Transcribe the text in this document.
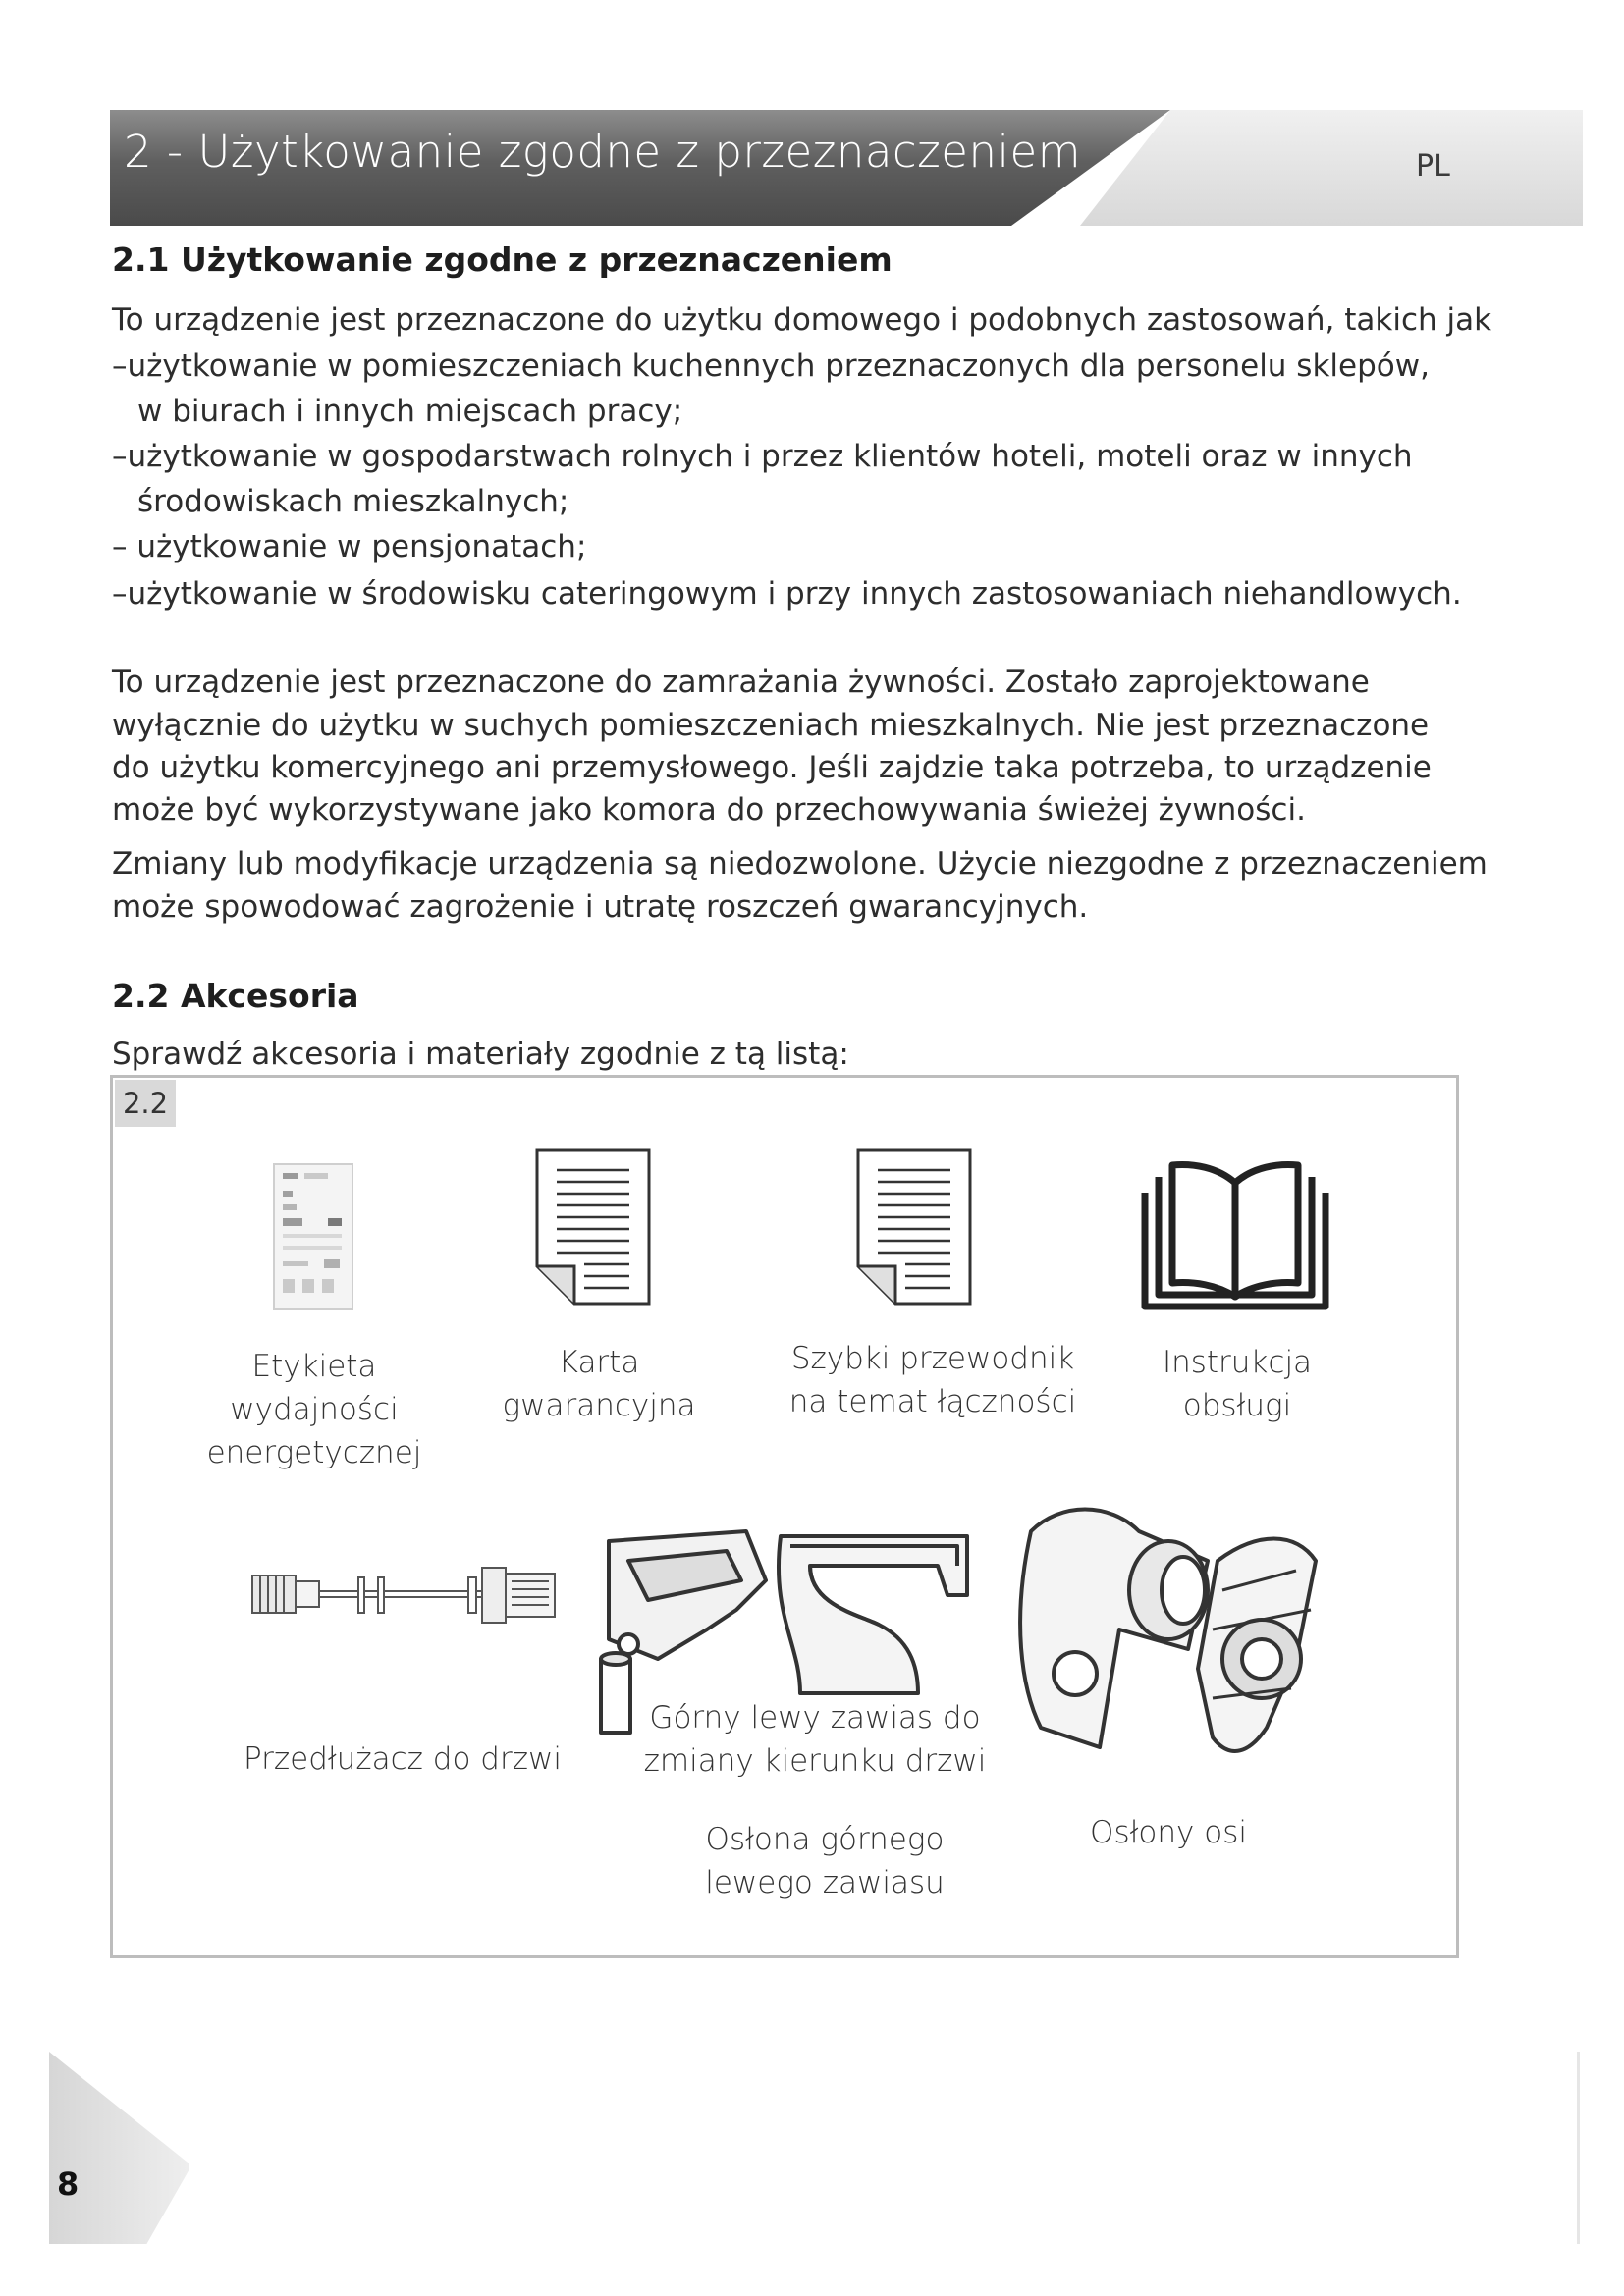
2 - Użytkowanie zgodne z przeznaczeniem	PL
2.1 Użytkowanie zgodne z przeznaczeniem
To urządzenie jest przeznaczone do użytku domowego i podobnych zastosowań, takich jak
–użytkowanie w pomieszczeniach kuchennych przeznaczonych dla personelu sklepów,
w biurach i innych miejscach pracy;
–użytkowanie w gospodarstwach rolnych i przez klientów hoteli, moteli oraz w innych
środowiskach mieszkalnych;
– użytkowanie w pensjonatach;
–użytkowanie w środowisku cateringowym i przy innych zastosowaniach niehandlowych.
To urządzenie jest przeznaczone do zamrażania żywności. Zostało zaprojektowane
wyłącznie do użytku w suchych pomieszczeniach mieszkalnych. Nie jest przeznaczone
do użytku komercyjnego ani przemysłowego. Jeśli zajdzie taka potrzeba, to urządzenie
może być wykorzystywane jako komora do przechowywania świeżej żywności.
Zmiany lub modyfikacje urządzenia są niedozwolone. Użycie niezgodne z przeznaczeniem
może spowodować zagrożenie i utratę roszczeń gwarancyjnych.
2.2 Akcesoria
Sprawdź akcesoria i materiały zgodnie z tą listą:
2.2
Etykieta
wydajności
energetycznej
Karta
gwarancyjna
Szybki przewodnik
na temat łączności
Instrukcja
obsługi
Przedłużacz do drzwi
Górny lewy zawias do
zmiany kierunku drzwi
Osłona górnego
lewego zawiasu
Osłony osi
8
